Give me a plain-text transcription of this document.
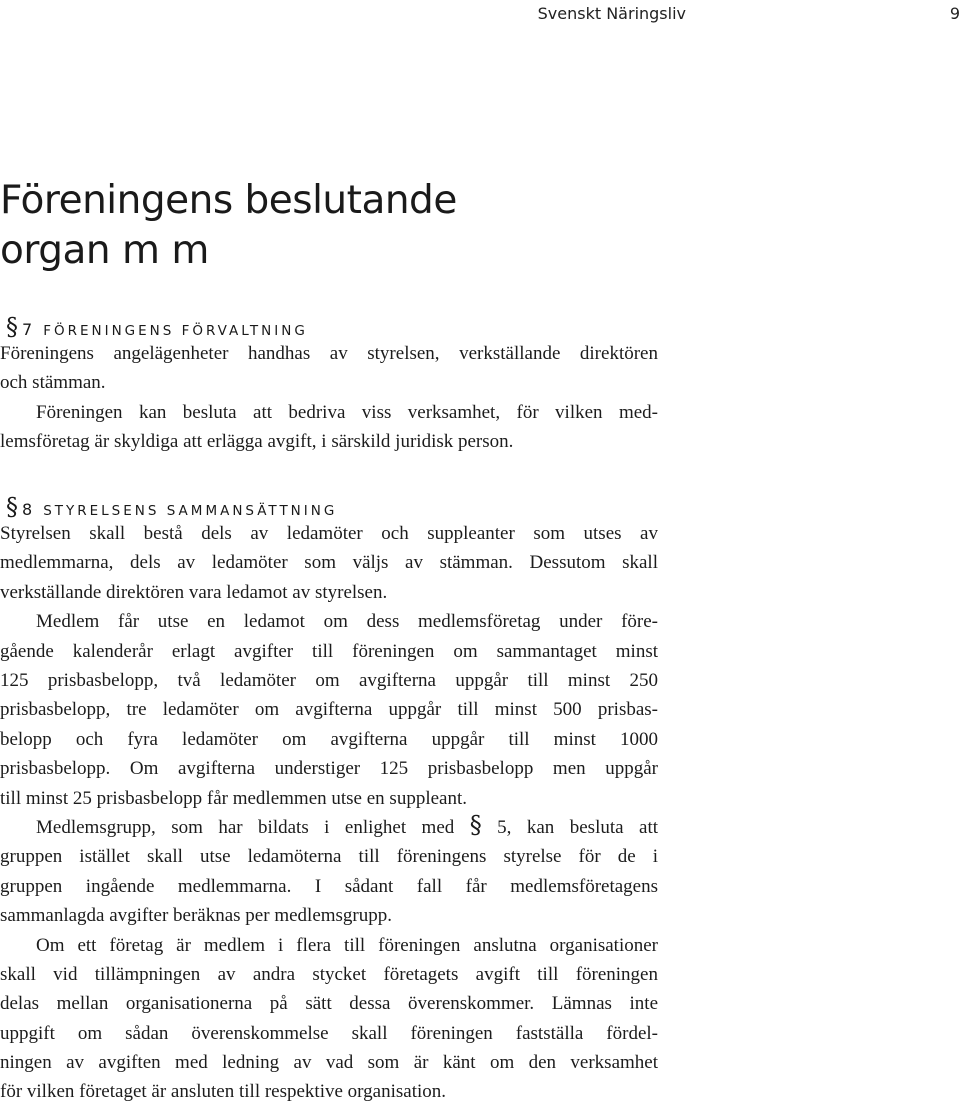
Svenskt Näringsliv	9
Föreningens beslutande
organ m m
§ 7 FÖRENINGENS FÖRVALTNING

Föreningens angelägenheter handhas av styrelsen, verkställande direktören
och stämman.

Föreningen kan besluta att bedriva viss verksamhet, för vilken med-
lemsföretag är skyldiga att erlägga avgift, i särskild juridisk person.

§ 8 STYRELSENS SAMMANSÄTTNING

Styrelsen skall bestå dels av ledamöter och suppleanter som utses av
medlemmarna, dels av ledamöter som väljs av stämman. Dessutom skall
verkställande direktören vara ledamot av styrelsen.

Medlem får utse en ledamot om dess medlemsföretag under före-
gående kalenderår erlagt avgifter till föreningen om sammantaget minst
125 prisbasbelopp, två ledamöter om avgifterna uppgår till minst 250
prisbasbelopp, tre ledamöter om avgifterna uppgår till minst 500 prisbas-
belopp och fyra ledamöter om avgifterna uppgår till minst 1000
prisbasbelopp. Om avgifterna understiger 125 prisbasbelopp men uppgår
till minst 25 prisbasbelopp får medlemmen utse en suppleant.

Medlemsgrupp, som har bildats i enlighet med § 5, kan besluta att
gruppen istället skall utse ledamöterna till föreningens styrelse för de i
gruppen ingående medlemmarna. I sådant fall får medlemsföretagens
sammanlagda avgifter beräknas per medlemsgrupp.

Om ett företag är medlem i flera till föreningen anslutna organisationer
skall vid tillämpningen av andra stycket företagets avgift till föreningen
delas mellan organisationerna på sätt dessa överenskommer. Lämnas inte
uppgift om sådan överenskommelse skall föreningen fastställa fördel-
ningen av avgiften med ledning av vad som är känt om den verksamhet
för vilken företaget är ansluten till respektive organisation.
